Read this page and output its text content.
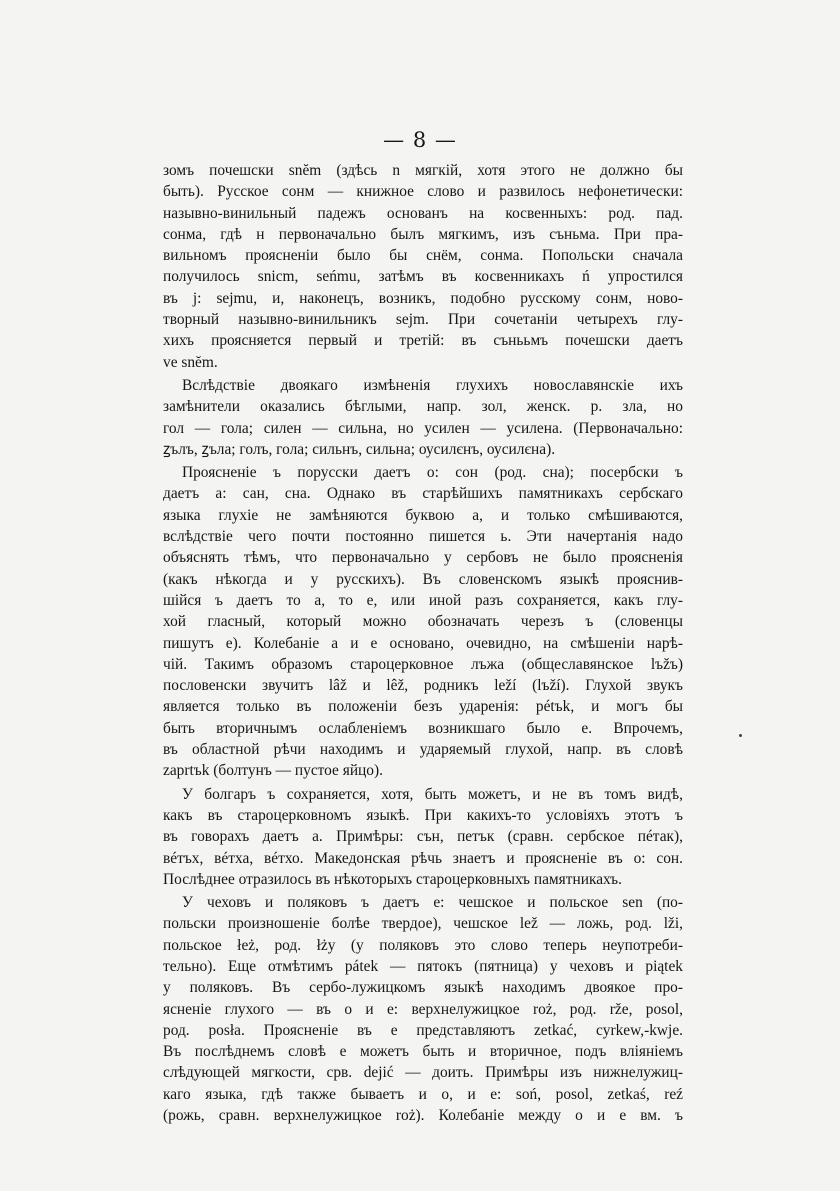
— 8 —
зомъ почешски snĕm (здѣсь n мягкій, хотя этого не должно бы
быть). Русское сонм — книжное слово и развилось нефонетически:
назывно-винильный падежъ основанъ на косвенныхъ: род. пад.
сонма, гдѣ н первоначально былъ мягкимъ, изъ съньма. При пра-
вильномъ проясненіи было бы снём, сонма. Попольски сначала
получилось snicm, seńmu, затѣмъ въ косвенникахъ ń упростился
въ j: sejmu, и, наконецъ, возникъ, подобно русскому сонм, ново-
творный назывно-винильникъ sejm. При сочетаніи четырехъ глу-
хихъ проясняется первый и третій: въ сънььмъ почешски даетъ
ve snĕm.
Вслѣдствіе двоякаго измѣненія глухихъ новославянскіе ихъ
замѣнители оказались бѣглыми, напр. зол, женск. р. зла, но
гол — гола; силен — сильна, но усилен — усилена. (Первоначально:
ꙁълъ, ꙁъла; голъ, гола; сильнъ, сильна; оусилєнъ, оусилєна).
Проясненіе ъ порусски даетъ о: сон (род. сна); посербски ъ
даетъ а: сан, сна. Однако въ старѣйшихъ памятникахъ сербскаго
языка глухіе не замѣняются буквою а, и только смѣшиваются,
вслѣдствіе чего почти постоянно пишется ь. Эти начертанія надо
объяснять тѣмъ, что первоначально у сербовъ не было проясненія
(какъ нѣкогда и у русскихъ). Въ словенскомъ языкѣ прояснив-
шійся ъ даетъ то а, то е, или иной разъ сохраняется, какъ глу-
хой гласный, который можно обозначать черезъ ъ (словенцы
пишутъ е). Колебаніе а и е основано, очевидно, на смѣшеніи нарѣ-
чій. Такимъ образомъ староцерковное лъжа (общеславянское lъžъ)
пословенски звучитъ lâž и lêž, родникъ leží (lъží). Глухой звукъ
является только въ положеніи безъ ударенія: pétъk, и могъ бы
быть вторичнымъ ослабленіемъ возникшаго было е. Впрочемъ,
въ областной рѣчи находимъ и ударяемый глухой, напр. въ словѣ
zaprtъk (болтунъ — пустое яйцо).
У болгаръ ъ сохраняется, хотя, быть можетъ, и не въ томъ видѣ,
какъ въ староцерковномъ языкѣ. При какихъ-то условіяхъ этотъ ъ
въ говорахъ даетъ а. Примѣры: сън, петък (сравн. сербское пéтак),
вéтъх, вéтха, вéтхо. Македонская рѣчь знаетъ и проясненіе въ о: сон.
Послѣднее отразилось въ нѣкоторыхъ староцерковныхъ памятникахъ.
У чеховъ и поляковъ ъ даетъ е: чешское и польское sen (по-
польски произношеніе болѣе твердое), чешское lež — ложь, род. lži,
польское łeż, род. łży (у поляковъ это слово теперь неупотреби-
тельно). Еще отмѣтимъ pátek — пятокъ (пятница) у чеховъ и piątek
у поляковъ. Въ сербо-лужицкомъ языкѣ находимъ двоякое про-
ясненіе глухого — въ о и е: верхнелужицкое roż, род. rže, posol,
род. posła. Проясненіе въ е представляютъ zetkać, cyrkew,-kwje.
Въ послѣднемъ словѣ е можетъ быть и вторичное, подъ вліяніемъ
слѣдующей мягкости, срв. dejić — доить. Примѣры изъ нижнелужиц-
каго языка, гдѣ также бываетъ и о, и е: soń, posol, zetkaś, reź
(рожь, сравн. верхнелужицкое roż). Колебаніе между о и е вм. ъ
